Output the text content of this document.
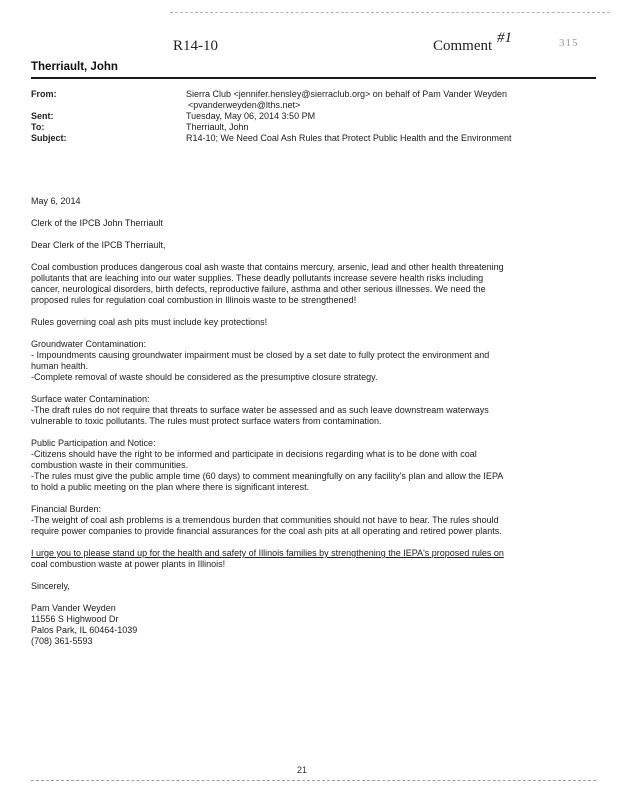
R14-10	Comment #1	315
Therriault, John
From:	Sierra Club <jennifer.hensley@sierraclub.org> on behalf of Pam Vander Weyden <pvanderweyden@lths.net>
Sent:	Tuesday, May 06, 2014 3:50 PM
To:	Therriault, John
Subject:	R14-10; We Need Coal Ash Rules that Protect Public Health and the Environment

May 6, 2014

Clerk of the IPCB John Therriault

Dear Clerk of the IPCB Therriault,

Coal combustion produces dangerous coal ash waste that contains mercury, arsenic, lead and other health threatening
pollutants that are leaching into our water supplies. These deadly pollutants increase severe health risks including
cancer, neurological disorders, birth defects, reproductive failure, asthma and other serious illnesses. We need the
proposed rules for regulation coal combustion in Illinois waste to be strengthened!

Rules governing coal ash pits must include key protections!

Groundwater Contamination:
- Impoundments causing groundwater impairment must be closed by a set date to fully protect the environment and
human health.
-Complete removal of waste should be considered as the presumptive closure strategy.

Surface water Contamination:
-The draft rules do not require that threats to surface water be assessed and as such leave downstream waterways
vulnerable to toxic pollutants. The rules must protect surface waters from contamination.

Public Participation and Notice:
-Citizens should have the right to be informed and participate in decisions regarding what is to be done with coal
combustion waste in their communities.
-The rules must give the public ample time (60 days) to comment meaningfully on any facility's plan and allow the IEPA
to hold a public meeting on the plan where there is significant interest.

Financial Burden:
-The weight of coal ash problems is a tremendous burden that communities should not have to bear. The rules should
require power companies to provide financial assurances for the coal ash pits at all operating and retired power plants.

I urge you to please stand up for the health and safety of Illinois families by strengthening the IEPA's proposed rules on
coal combustion waste at power plants in Illinois!

Sincerely,

Pam Vander Weyden
11556 S Highwood Dr
Palos Park, IL 60464-1039
(708) 361-5593

21
